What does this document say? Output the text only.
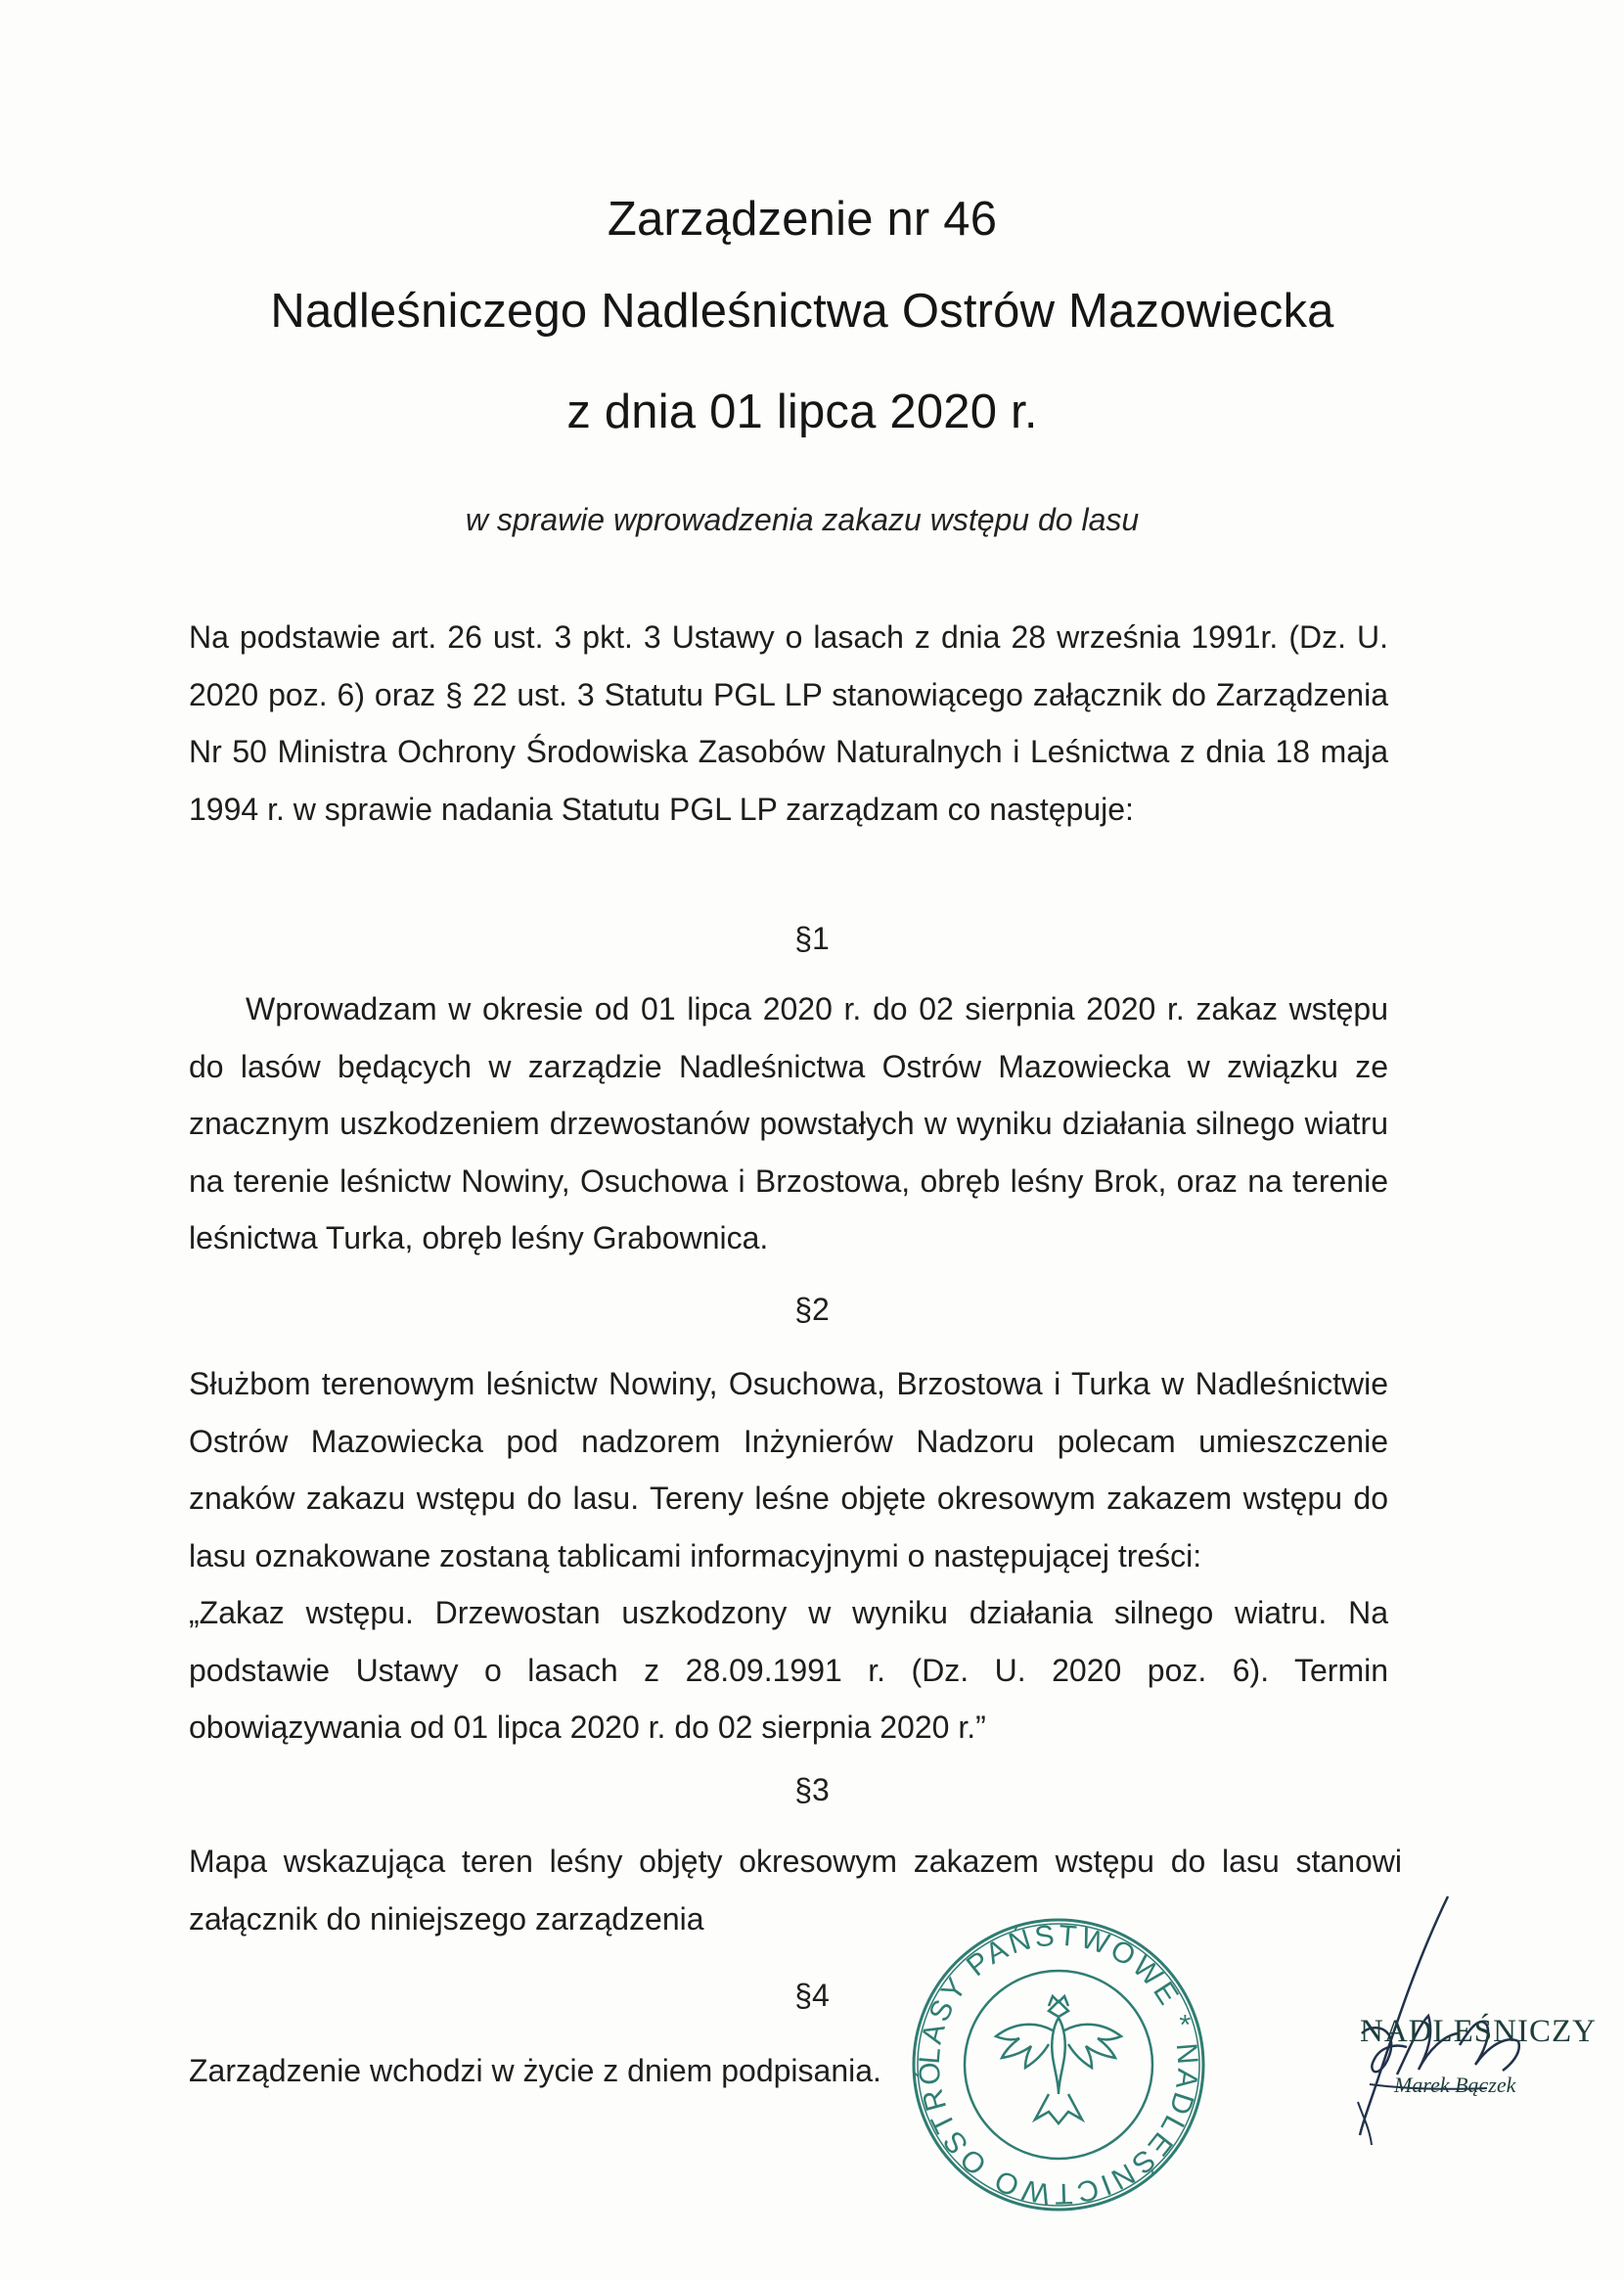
Zarządzenie nr 46
Nadleśniczego Nadleśnictwa Ostrów Mazowiecka
z dnia 01 lipca 2020 r.
w sprawie wprowadzenia zakazu wstępu do lasu
Na podstawie art. 26 ust. 3 pkt. 3 Ustawy o lasach z dnia 28 września 1991r. (Dz. U. 2020 poz. 6) oraz § 22 ust. 3 Statutu PGL LP stanowiącego załącznik do Zarządzenia Nr 50 Ministra Ochrony Środowiska Zasobów Naturalnych i Leśnictwa z dnia 18 maja 1994 r. w sprawie nadania Statutu PGL LP zarządzam co następuje:
§1
Wprowadzam w okresie od 01 lipca 2020 r. do 02 sierpnia 2020 r. zakaz wstępu do lasów będących w zarządzie Nadleśnictwa Ostrów Mazowiecka w związku ze znacznym uszkodzeniem drzewostanów powstałych w wyniku działania silnego wiatru na terenie leśnictw Nowiny, Osuchowa i Brzostowa, obręb leśny Brok, oraz na terenie leśnictwa Turka, obręb leśny Grabownica.
§2
Służbom terenowym leśnictw Nowiny, Osuchowa, Brzostowa i Turka w Nadleśnictwie Ostrów Mazowiecka pod nadzorem Inżynierów Nadzoru polecam umieszczenie znaków zakazu wstępu do lasu. Tereny leśne objęte okresowym zakazem wstępu do lasu oznakowane zostaną tablicami informacyjnymi o następującej treści:
„Zakaz wstępu. Drzewostan uszkodzony w wyniku działania silnego wiatru. Na podstawie Ustawy o lasach z 28.09.1991 r. (Dz. U. 2020 poz. 6). Termin obowiązywania od 01 lipca 2020 r. do 02 sierpnia 2020 r.”
§3
Mapa wskazująca teren leśny objęty okresowym zakazem wstępu do lasu stanowi załącznik do niniejszego zarządzenia
§4
Zarządzenie wchodzi w życie z dniem podpisania.	LASY PAŃSTWOWE * NADLEŚNICTWO OSTRÓ
NADLEŚNICZY
Marek Bączek
